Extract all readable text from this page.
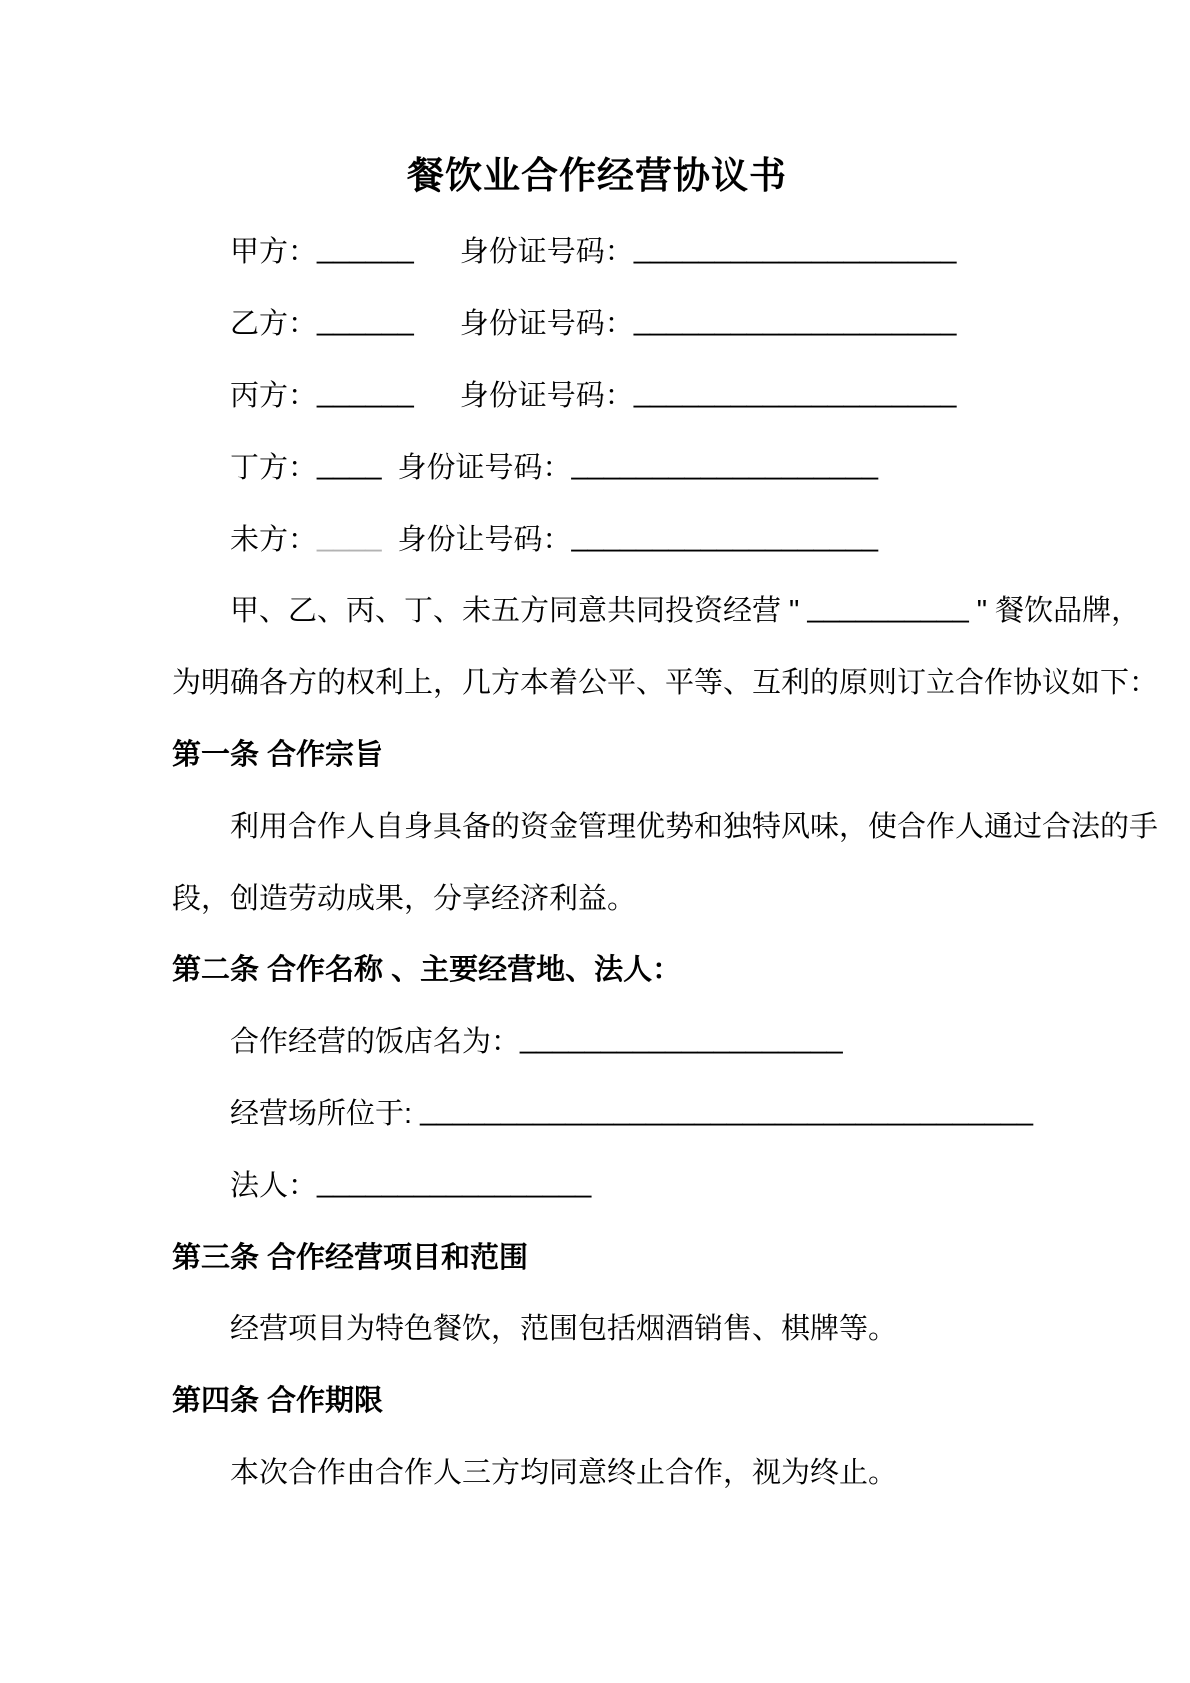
餐饮业合作经营协议书
甲方： ______ 身份证号码： ____________________
乙方： ______ 身份证号码： ____________________
丙方： ______ 身份证号码： ____________________
丁方： ____ 身份证号码： ___________________
未方： ____ 身份让号码： ___________________
甲、乙、丙、丁、未五方同意共同投资经营 " __________ " 餐饮品牌，
为明确各方的权利上，几方本着公平、平等、互利的原则订立合作协议如下：
第一条 合作宗旨
利用合作人自身具备的资金管理优势和独特风味，使合作人通过合法的手
段，创造劳动成果，分享经济利益。
第二条 合作名称 、主要经营地、法人：
合作经营的饭店名为： ____________________
经营场所位于: ______________________________________
法人： _________________
第三条 合作经营项目和范围
经营项目为特色餐饮，范围包括烟酒销售、棋牌等。
第四条 合作期限
本次合作由合作人三方均同意终止合作，视为终止。
